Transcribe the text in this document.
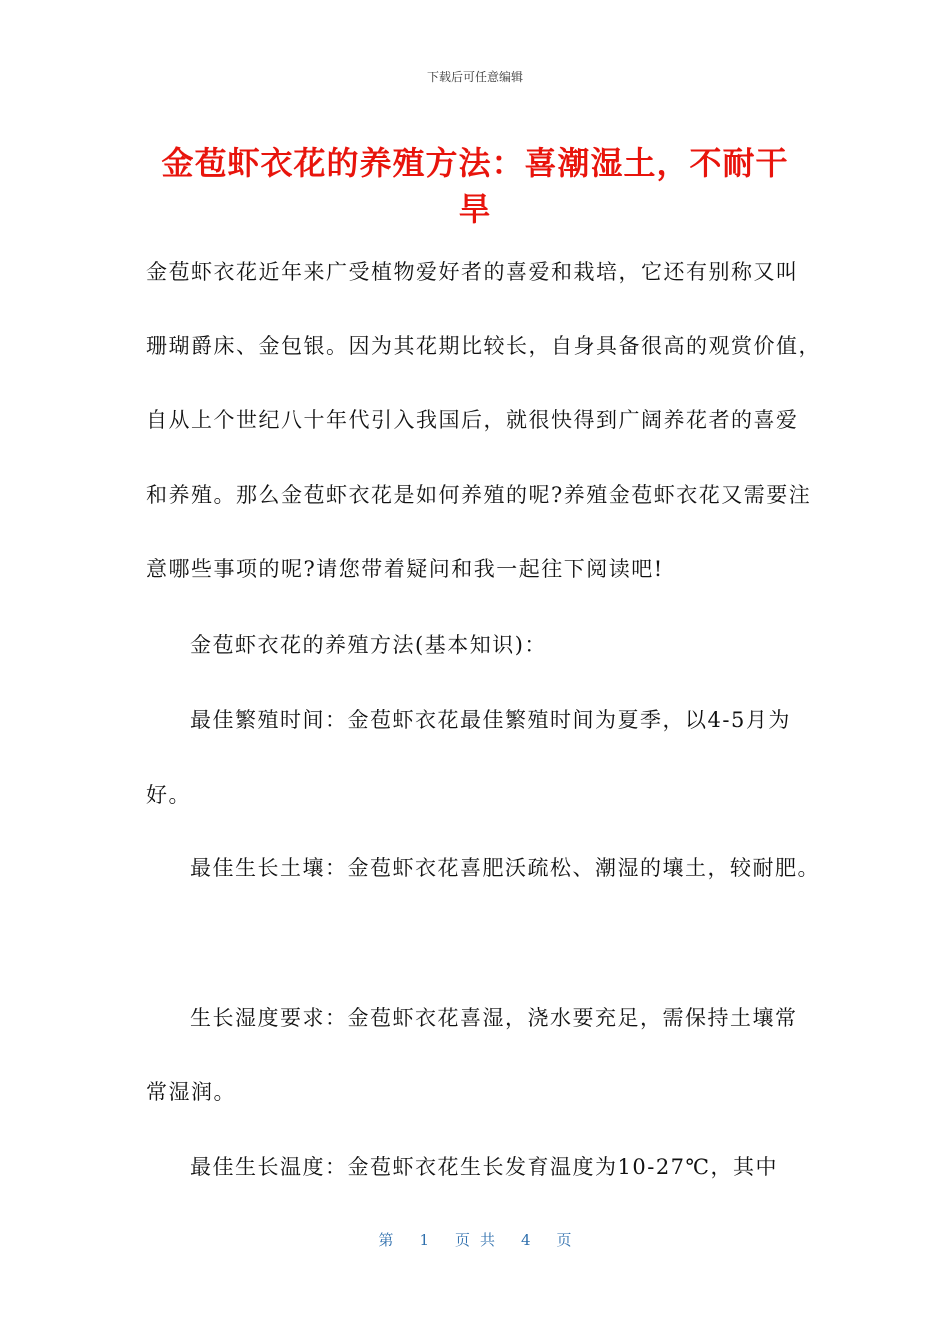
下载后可任意编辑
金苞虾衣花的养殖方法：喜潮湿土，不耐干旱
金苞虾衣花近年来广受植物爱好者的喜爱和栽培，它还有别称又叫
珊瑚爵床、金包银。因为其花期比较长，自身具备很高的观赏价值，
自从上个世纪八十年代引入我国后，就很快得到广阔养花者的喜爱
和养殖。那么金苞虾衣花是如何养殖的呢?养殖金苞虾衣花又需要注
意哪些事项的呢?请您带着疑问和我一起往下阅读吧!
金苞虾衣花的养殖方法(基本知识)：
最佳繁殖时间：金苞虾衣花最佳繁殖时间为夏季，以4-5月为
好。
最佳生长土壤：金苞虾衣花喜肥沃疏松、潮湿的壤土，较耐肥。
生长湿度要求：金苞虾衣花喜湿，浇水要充足，需保持土壤常
常湿润。
最佳生长温度：金苞虾衣花生长发育温度为10-27℃，其中
第 1 页共 4 页
